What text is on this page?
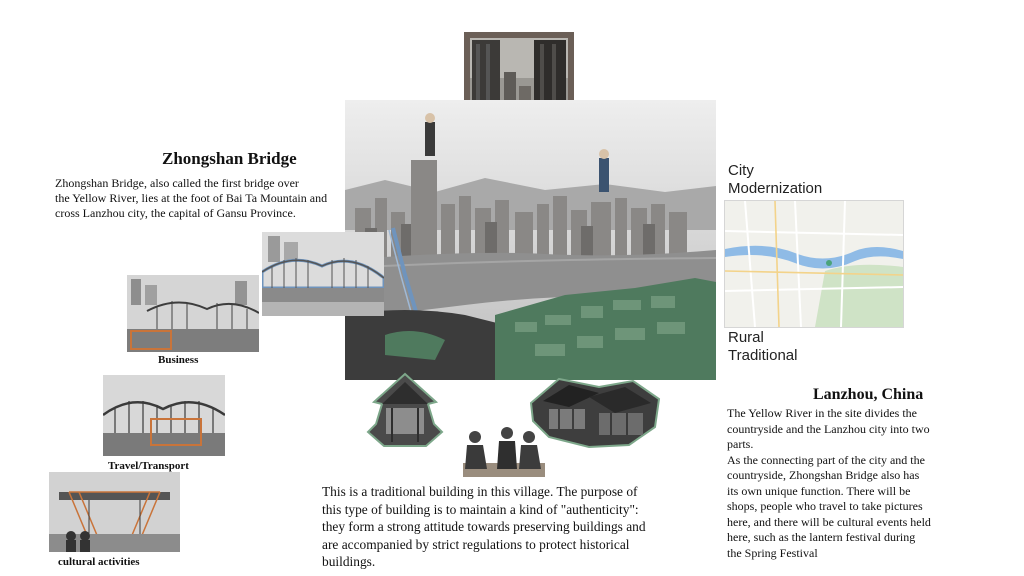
Zhongshan Bridge
Zhongshan Bridge, also called the first bridge over
the Yellow River, lies at the foot of Bai Ta Mountain and
cross Lanzhou city, the capital of Gansu Province.
Business
Travel/Transport
cultural activities
City
Modernization
Rural
Traditional
Lanzhou, China
The Yellow River in the site divides the
countryside and the Lanzhou city into two
parts.
As the connecting part of the city and the
countryside, Zhongshan Bridge also has
its own unique function. There will be
shops, people who travel to take pictures
here, and there will be cultural events held
here, such as the lantern festival during
the Spring Festival
This is a traditional building in this village. The purpose of
this type of building is to maintain a kind of "authenticity":
they form a strong attitude towards preserving buildings and
are accompanied by strict regulations to protect historical
buildings.
